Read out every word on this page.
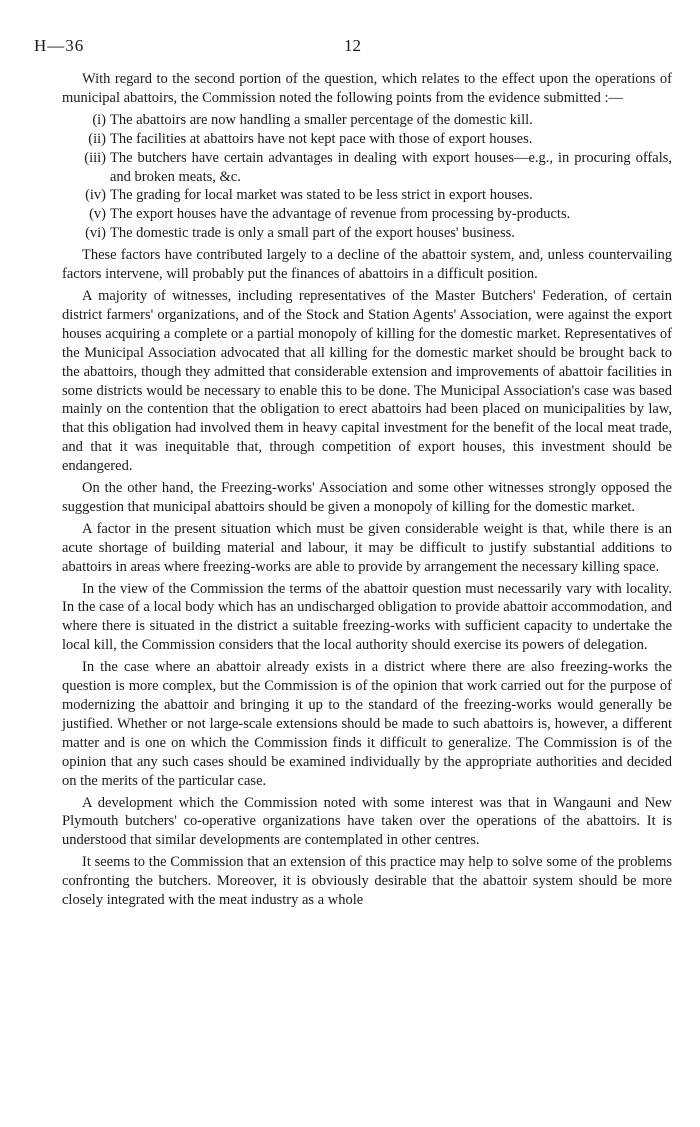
H—36	12

With regard to the second portion of the question, which relates to the effect upon the operations of municipal abattoirs, the Commission noted the following points from the evidence submitted :—

(i) The abattoirs are now handling a smaller percentage of the domestic kill.
(ii) The facilities at abattoirs have not kept pace with those of export houses.
(iii) The butchers have certain advantages in dealing with export houses—e.g., in procuring offals, and broken meats, &c.
(iv) The grading for local market was stated to be less strict in export houses.
(v) The export houses have the advantage of revenue from processing by-products.
(vi) The domestic trade is only a small part of the export houses' business.

These factors have contributed largely to a decline of the abattoir system, and, unless countervailing factors intervene, will probably put the finances of abattoirs in a difficult position.

A majority of witnesses, including representatives of the Master Butchers' Federation, of certain district farmers' organizations, and of the Stock and Station Agents' Association, were against the export houses acquiring a complete or a partial monopoly of killing for the domestic market. Representatives of the Municipal Association advocated that all killing for the domestic market should be brought back to the abattoirs, though they admitted that considerable extension and improvements of abattoir facilities in some districts would be necessary to enable this to be done. The Municipal Association's case was based mainly on the contention that the obligation to erect abattoirs had been placed on municipalities by law, that this obligation had involved them in heavy capital investment for the benefit of the local meat trade, and that it was inequitable that, through competition of export houses, this investment should be endangered.

On the other hand, the Freezing-works' Association and some other witnesses strongly opposed the suggestion that municipal abattoirs should be given a monopoly of killing for the domestic market.

A factor in the present situation which must be given considerable weight is that, while there is an acute shortage of building material and labour, it may be difficult to justify substantial additions to abattoirs in areas where freezing-works are able to provide by arrangement the necessary killing space.

In the view of the Commission the terms of the abattoir question must necessarily vary with locality. In the case of a local body which has an undischarged obligation to provide abattoir accommodation, and where there is situated in the district a suitable freezing-works with sufficient capacity to undertake the local kill, the Commission considers that the local authority should exercise its powers of delegation.

In the case where an abattoir already exists in a district where there are also freezing-works the question is more complex, but the Commission is of the opinion that work carried out for the purpose of modernizing the abattoir and bringing it up to the standard of the freezing-works would generally be justified. Whether or not large-scale extensions should be made to such abattoirs is, however, a different matter and is one on which the Commission finds it difficult to generalize. The Commission is of the opinion that any such cases should be examined individually by the appropriate authorities and decided on the merits of the particular case.

A development which the Commission noted with some interest was that in Wangauni and New Plymouth butchers' co-operative organizations have taken over the operations of the abattoirs. It is understood that similar developments are contemplated in other centres.

It seems to the Commission that an extension of this practice may help to solve some of the problems confronting the butchers. Moreover, it is obviously desirable that the abattoir system should be more closely integrated with the meat industry as a whole
